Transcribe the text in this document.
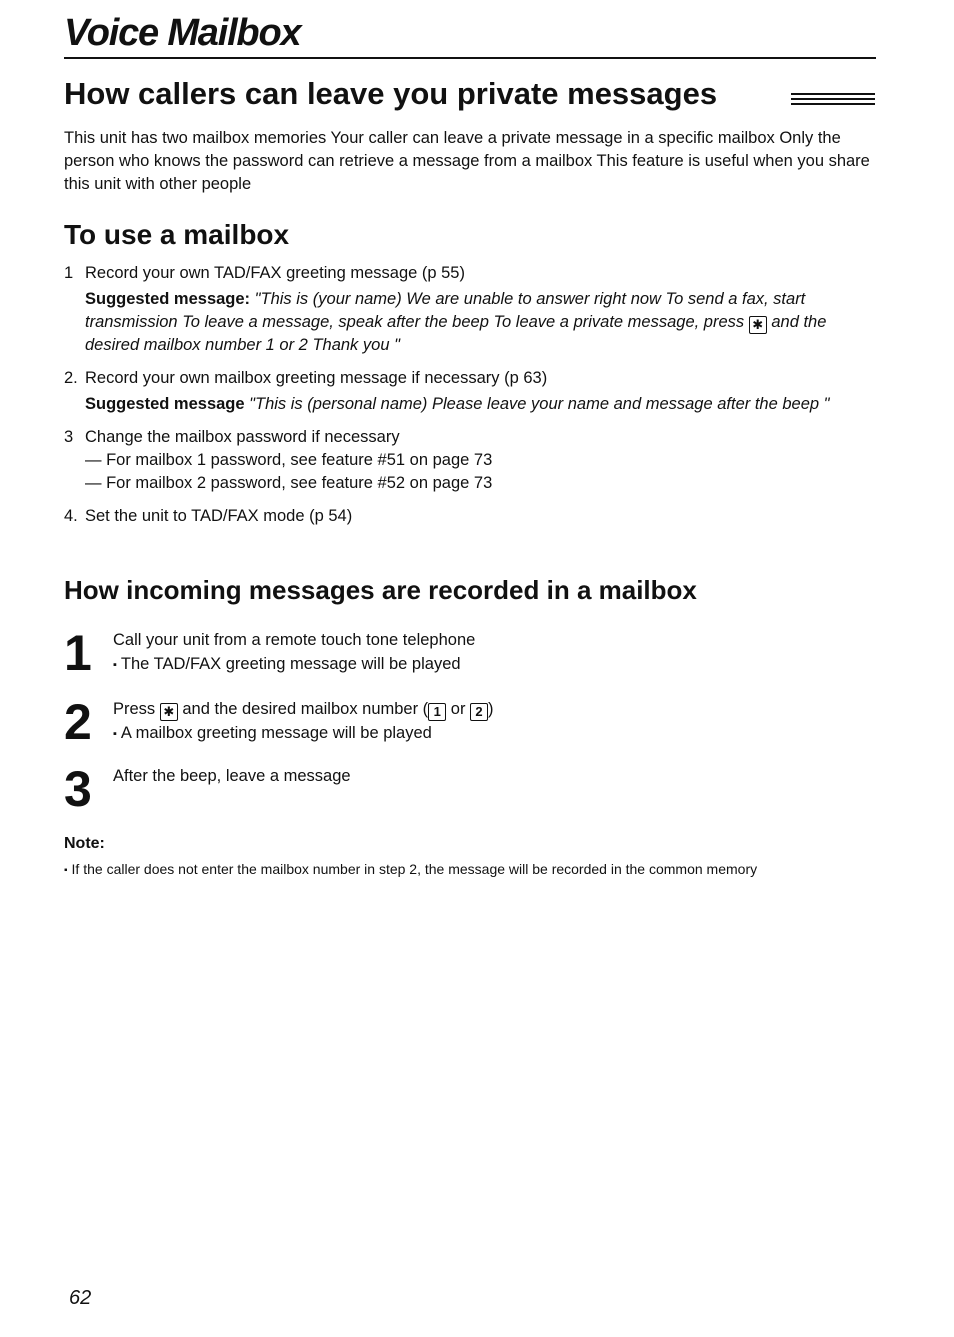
Voice Mailbox
How callers can leave you private messages

This unit has two mailbox memories Your caller can leave a private message in a specific mailbox Only the person who knows the password can retrieve a message from a mailbox This feature is useful when you share this unit with other people

To use a mailbox
1 Record your own TAD/FAX greeting message (p 55)
Suggested message: "This is (your name) We are unable to answer right now To send a fax, start transmission To leave a message, speak after the beep To leave a private message, press ✱ and the desired mailbox number 1 or 2 Thank you "
2. Record your own mailbox greeting message if necessary (p 63)
Suggested message "This is (personal name) Please leave your name and message after the beep "
3 Change the mailbox password if necessary
— For mailbox 1 password, see feature #51 on page 73
— For mailbox 2 password, see feature #52 on page 73
4. Set the unit to TAD/FAX mode (p 54)
How incoming messages are recorded in a mailbox
1 Call your unit from a remote touch tone telephone
▪ The TAD/FAX greeting message will be played
2 Press ✱ and the desired mailbox number ( 1 or 2 )
▪ A mailbox greeting message will be played
3 After the beep, leave a message

Note:

▪ If the caller does not enter the mailbox number in step 2, the message will be recorded in the common memory

62
